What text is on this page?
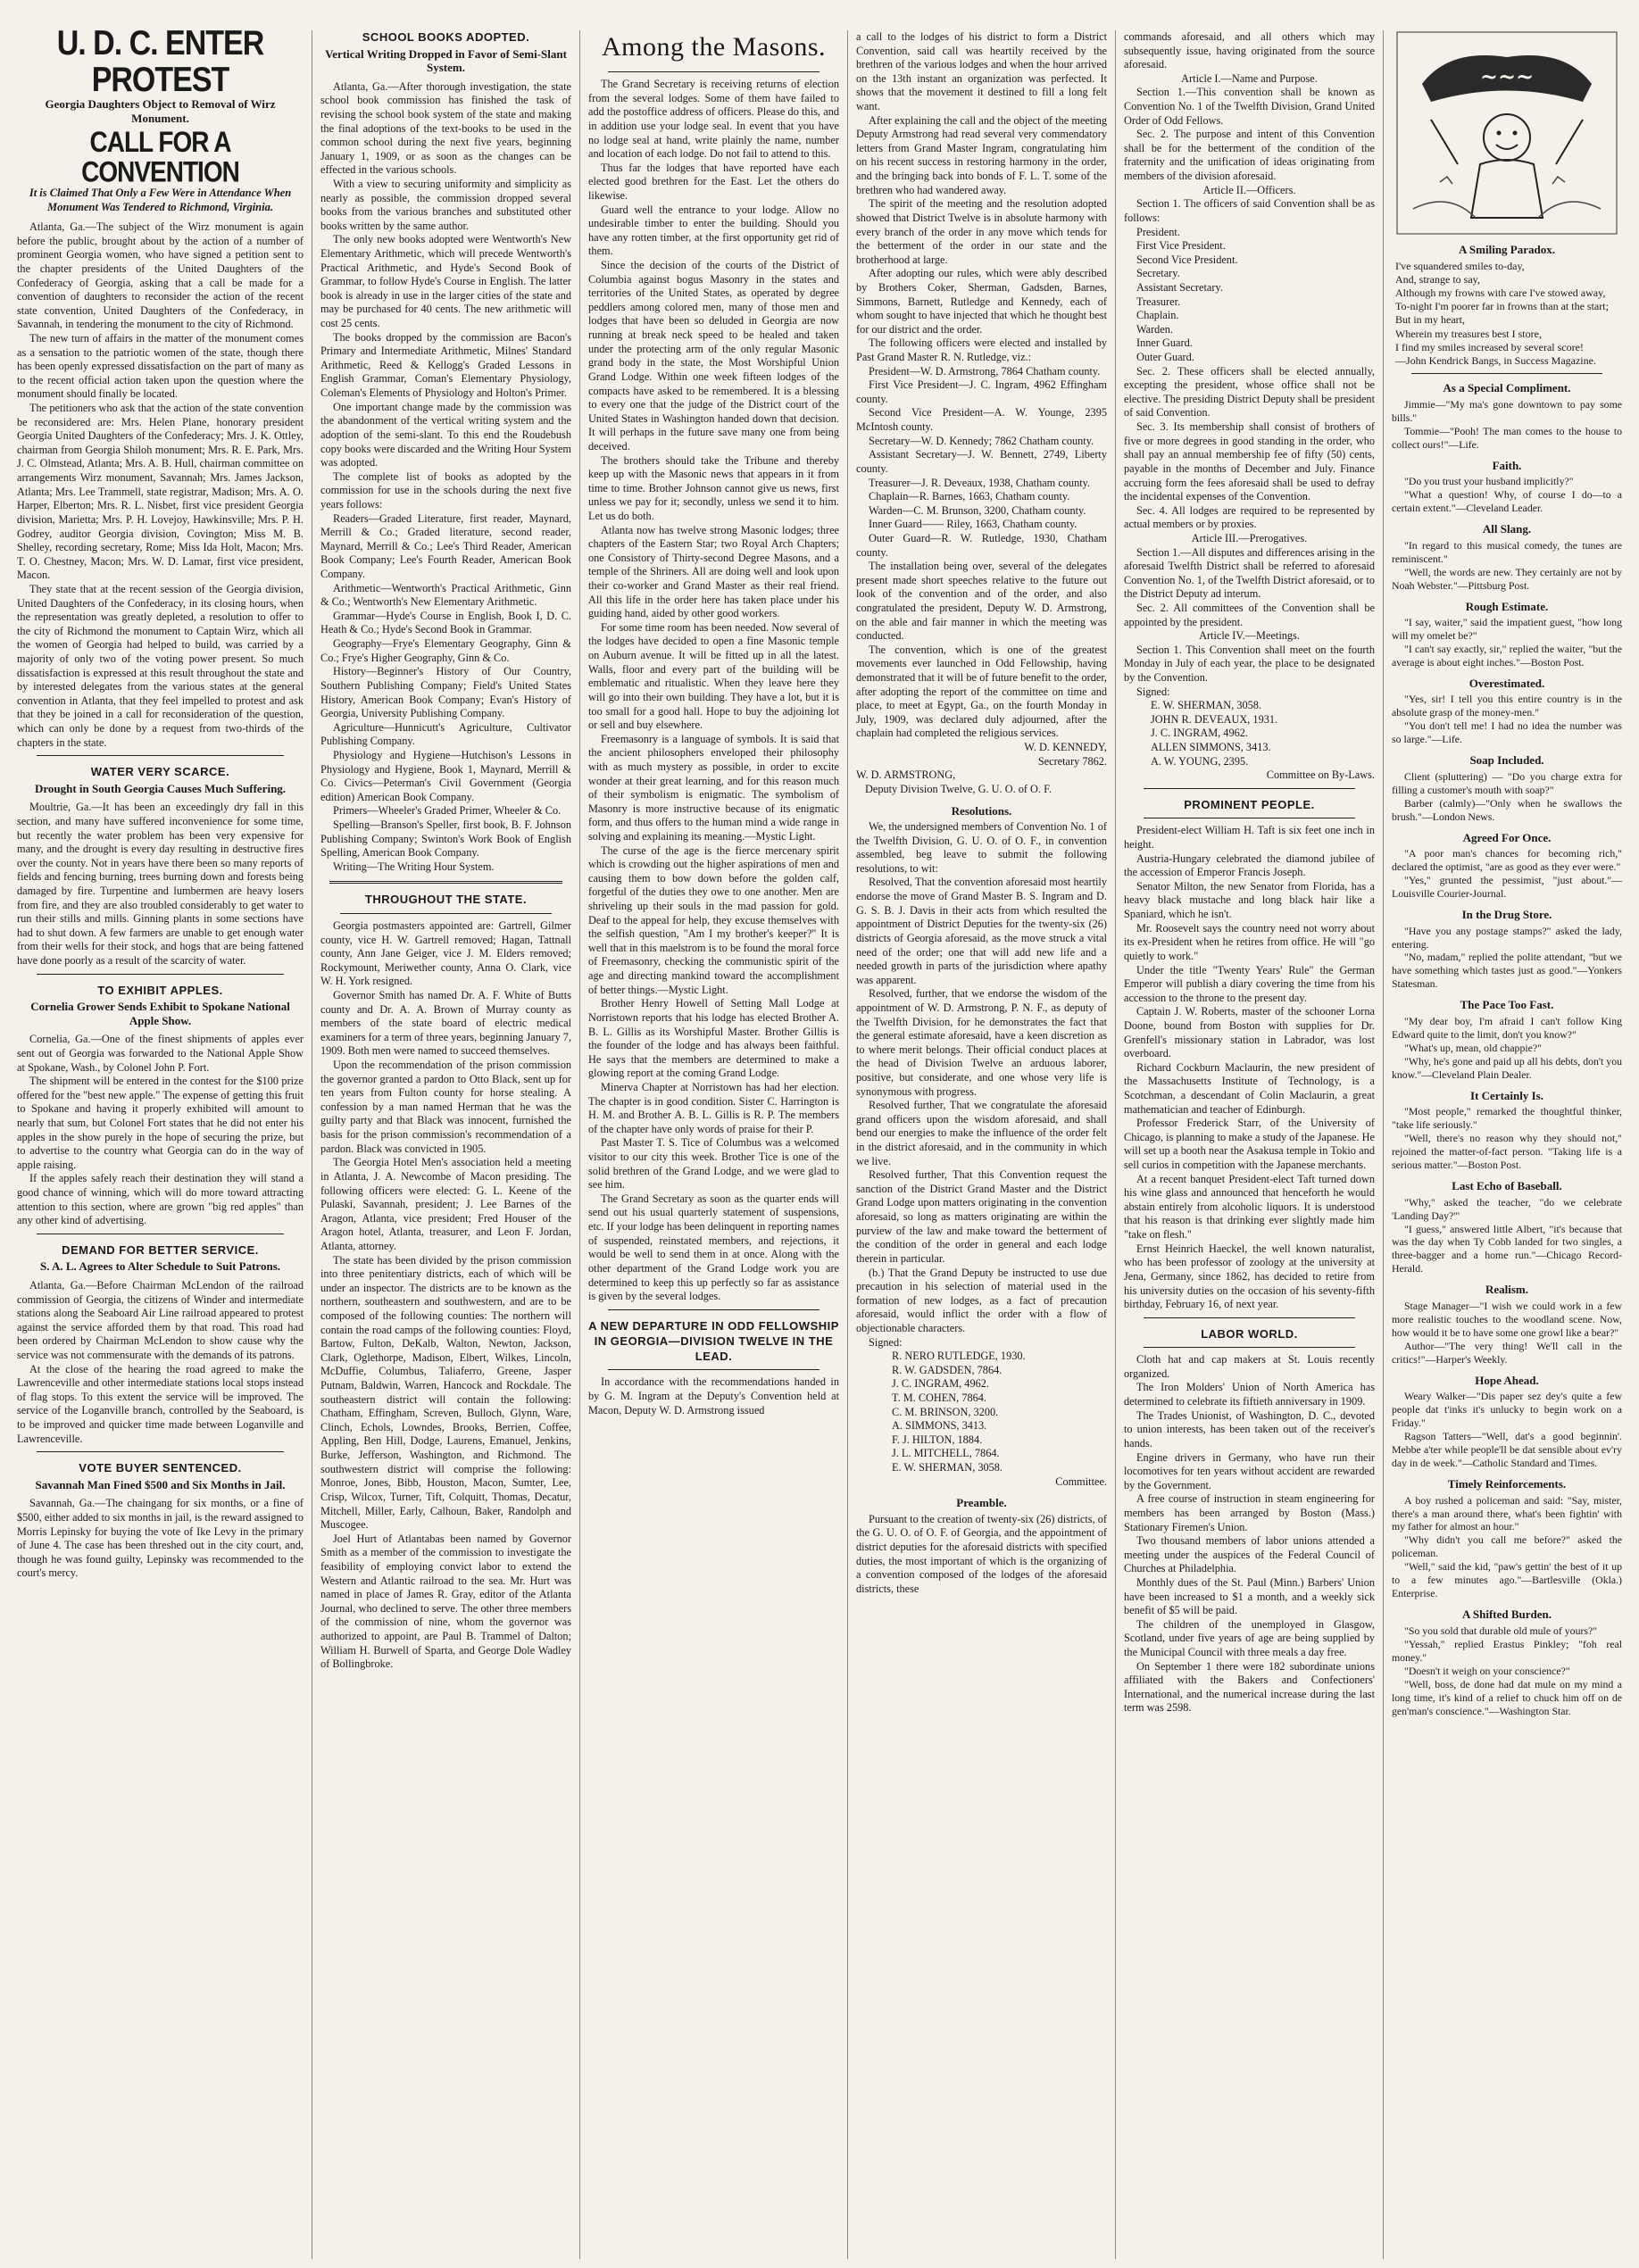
U. D. C. ENTER PROTEST
Georgia Daughters Object to Removal of Wirz Monument.
CALL FOR A CONVENTION
It is Claimed That Only a Few Were in Attendance When Monument Was Tendered to Richmond, Virginia.

Atlanta, Ga.—The subject of the Wirz monument is again before the public, brought about by the action of a number of prominent Georgia women, who have signed a petition sent to the chapter presidents of the United Daughters of the Confederacy of Georgia, asking that a call be made for a convention of daughters to reconsider the action of the recent state convention, United Daughters of the Confederacy, in Savannah, in tendering the monument to the city of Richmond.

The new turn of affairs in the matter of the monument comes as a sensation to the patriotic women of the state, though there has been openly expressed dissatisfaction on the part of many as to the recent official action taken upon the question where the monument should finally be located.

The petitioners who ask that the action of the state convention be reconsidered are: Mrs. Helen Plane, honorary president Georgia United Daughters of the Confederacy; Mrs. J. K. Ottley, chairman from Georgia Shiloh monument; Mrs. R. E. Park, Mrs. J. C. Olmstead, Atlanta; Mrs. A. B. Hull, chairman committee on arrangements Wirz monument, Savannah; Mrs. James Jackson, Atlanta; Mrs. Lee Trammell, state registrar, Madison; Mrs. A. O. Harper, Elberton; Mrs. R. L. Nisbet, first vice president Georgia division, Marietta; Mrs. P. H. Lovejoy, Hawkinsville; Mrs. P. H. Godrey, auditor Georgia division, Covington; Miss M. B. Shelley, recording secretary, Rome; Miss Ida Holt, Macon; Mrs. T. O. Chestney, Macon; Mrs. W. D. Lamar, first vice president, Macon.

They state that at the recent session of the Georgia division, United Daughters of the Confederacy, in its closing hours, when the representation was greatly depleted, a resolution to offer to the city of Richmond the monument to Captain Wirz, which all the women of Georgia had helped to build, was carried by a majority of only two of the voting power present. So much dissatisfaction is expressed at this result throughout the state and by interested delegates from the various states at the general convention in Atlanta, that they feel impelled to protest and ask that they be joined in a call for reconsideration of the question, which can only be done by a request from two-thirds of the chapters in the state.

WATER VERY SCARCE.
Drought in South Georgia Causes Much Suffering.

Moultrie, Ga.—It has been an exceedingly dry fall in this section, and many have suffered inconvenience for some time, but recently the water problem has been very expensive for many, and the drought is every day resulting in destructive fires over the county. Not in years have there been so many reports of fields and fencing burning, trees burning down and forests being damaged by fire. Turpentine and lumbermen are heavy losers from fire, and they are also troubled considerably to get water to run their stills and mills. Ginning plants in some sections have had to shut down. A few farmers are unable to get enough water from their wells for their stock, and hogs that are being fattened have done poorly as a result of the scarcity of water.

TO EXHIBIT APPLES.
Cornelia Grower Sends Exhibit to Spokane National Apple Show.

Cornelia, Ga.—One of the finest shipments of apples ever sent out of Georgia was forwarded to the National Apple Show at Spokane, Wash., by Colonel John P. Fort.

The shipment will be entered in the contest for the $100 prize offered for the "best new apple." The expense of getting this fruit to Spokane and having it properly exhibited will amount to nearly that sum, but Colonel Fort states that he did not enter his apples in the show purely in the hope of securing the prize, but to advertise to the country what Georgia can do in the way of apple raising.

If the apples safely reach their destination they will stand a good chance of winning, which will do more toward attracting attention to this section, where are grown "big red apples" than any other kind of advertising.

DEMAND FOR BETTER SERVICE.
S. A. L. Agrees to Alter Schedule to Suit Patrons.

Atlanta, Ga.—Before Chairman McLendon of the railroad commission of Georgia, the citizens of Winder and intermediate stations along the Seaboard Air Line railroad appeared to protest against the service afforded them by that road. This road had been ordered by Chairman McLendon to show cause why the service was not commensurate with the demands of its patrons.

At the close of the hearing the road agreed to make the Lawrenceville and other intermediate stations local stops instead of flag stops. To this extent the service will be improved. The service of the Loganville branch, controlled by the Seaboard, is to be improved and quicker time made between Loganville and Lawrenceville.

VOTE BUYER SENTENCED.
Savannah Man Fined $500 and Six Months in Jail.

Savannah, Ga.—The chaingang for six months, or a fine of $500, either added to six months in jail, is the reward assigned to Morris Lepinsky for buying the vote of Ike Levy in the primary of June 4. The case has been threshed out in the city court, and, though he was found guilty, Lepinsky was recommended to the court's mercy.

SCHOOL BOOKS ADOPTED.
Vertical Writing Dropped in Favor of Semi-Slant System.

Atlanta, Ga.—After thorough investigation, the state school book commission has finished the task of revising the school book system of the state and making the final adoptions of the text-books to be used in the common school during the next five years, beginning January 1, 1909, or as soon as the changes can be effected in the various schools.

With a view to securing uniformity and simplicity as nearly as possible, the commission dropped several books from the various branches and substituted other books written by the same author.

The only new books adopted were Wentworth's New Elementary Arithmetic, which will precede Wentworth's Practical Arithmetic, and Hyde's Second Book of Grammar, to follow Hyde's Course in English. The latter book is already in use in the larger cities of the state and may be purchased for 40 cents. The new arithmetic will cost 25 cents.

The books dropped by the commission are Bacon's Primary and Intermediate Arithmetic, Milnes' Standard Arithmetic, Reed & Kellogg's Graded Lessons in English Grammar, Coman's Elementary Physiology, Coleman's Elements of Physiology and Holton's Primer.

One important change made by the commission was the abandonment of the vertical writing system and the adoption of the semi-slant. To this end the Roudebush copy books were discarded and the Writing Hour System was adopted.

The complete list of books as adopted by the commission for use in the schools during the next five years follows:

Readers—Graded Literature, first reader, Maynard, Merrill & Co.; Graded literature, second reader, Maynard, Merrill & Co.; Lee's Third Reader, American Book Company; Lee's Fourth Reader, American Book Company.

Arithmetic—Wentworth's Practical Arithmetic, Ginn & Co.; Wentworth's New Elementary Arithmetic.

Grammar—Hyde's Course in English, Book I, D. C. Heath & Co.; Hyde's Second Book in Grammar.

Geography—Frye's Elementary Geography, Ginn & Co.; Frye's Higher Geography, Ginn & Co.

History—Beginner's History of Our Country, Southern Publishing Company; Field's United States History, American Book Company; Evan's History of Georgia, University Publishing Company.

Agriculture—Hunnicutt's Agriculture, Cultivator Publishing Company.

Physiology and Hygiene—Hutchison's Lessons in Physiology and Hygiene, Book 1, Maynard, Merrill & Co. Civics—Peterman's Civil Government (Georgia edition) American Book Company.

Primers—Wheeler's Graded Primer, Wheeler & Co.

Spelling—Branson's Speller, first book, B. F. Johnson Publishing Company; Swinton's Work Book of English Spelling, American Book Company.

Writing—The Writing Hour System.

THROUGHOUT THE STATE.

Georgia postmasters appointed are: Gartrell, Gilmer county, vice H. W. Gartrell removed; Hagan, Tattnall county, Ann Jane Geiger, vice J. M. Elders removed; Rockymount, Meriwether county, Anna O. Clark, vice W. H. York resigned.

Governor Smith has named Dr. A. F. White of Butts county and Dr. A. A. Brown of Murray county as members of the state board of electric medical examiners for a term of three years, beginning January 7, 1909. Both men were named to succeed themselves.

Upon the recommendation of the prison commission the governor granted a pardon to Otto Black, sent up for ten years from Fulton county for horse stealing. A confession by a man named Herman that he was the guilty party and that Black was innocent, furnished the basis for the prison commission's recommendation of a pardon. Black was convicted in 1905.

The Georgia Hotel Men's association held a meeting in Atlanta, J. A. Newcombe of Macon presiding. The following officers were elected: G. L. Keene of the Pulaski, Savannah, president; J. Lee Barnes of the Aragon, Atlanta, vice president; Fred Houser of the Aragon hotel, Atlanta, treasurer, and Leon F. Jordan, Atlanta, attorney.

The state has been divided by the prison commission into three penitentiary districts, each of which will be under an inspector. The districts are to be known as the northern, southeastern and southwestern, and are to be composed of the following counties: The northern will contain the road camps of the following counties: Floyd, Bartow, Fulton, DeKalb, Walton, Newton, Jackson, Clark, Oglethorpe, Madison, Elbert, Wilkes, Lincoln, McDuffie, Columbus, Taliaferro, Greene, Jasper Putnam, Baldwin, Warren, Hancock and Rockdale. The southeastern district will contain the following: Chatham, Effingham, Screven, Bulloch, Glynn, Ware, Clinch, Echols, Lowndes, Brooks, Berrien, Coffee, Appling, Ben Hill, Dodge, Laurens, Emanuel, Jenkins, Burke, Jefferson, Washington, and Richmond. The southwestern district will comprise the following: Monroe, Jones, Bibb, Houston, Macon, Sumter, Lee, Crisp, Wilcox, Turner, Tift, Colquitt, Thomas, Decatur, Mitchell, Miller, Early, Calhoun, Baker, Randolph and Muscogee.

Joel Hurt of Atlantabas been named by Governor Smith as a member of the commission to investigate the feasibility of employing convict labor to extend the Western and Atlantic railroad to the sea. Mr. Hurt was named in place of James R. Gray, editor of the Atlanta Journal, who declined to serve. The other three members of the commission of nine, whom the governor was authorized to appoint, are Paul B. Trammel of Dalton; William H. Burwell of Sparta, and George Dole Wadley of Bollingbroke.

Among the Masons.

The Grand Secretary is receiving returns of election from the several lodges. Some of them have failed to add the postoffice address of officers. Please do this, and in addition use your lodge seal. In event that you have no lodge seal at hand, write plainly the name, number and location of each lodge. Do not fail to attend to this.

Thus far the lodges that have reported have each elected good brethren for the East. Let the others do likewise.

Guard well the entrance to your lodge. Allow no undesirable timber to enter the building. Should you have any rotten timber, at the first opportunity get rid of them.

Since the decision of the courts of the District of Columbia against bogus Masonry in the states and territories of the United States, as operated by degree peddlers among colored men, many of those men and lodges that have been so deluded in Georgia are now running at break neck speed to be healed and taken under the protecting arm of the only regular Masonic grand body in the state, the Most Worshipful Union Grand Lodge. Within one week fifteen lodges of the compacts have asked to be remembered. It is a blessing to every one that the judge of the District court of the United States in Washington handed down that decision. It will perhaps in the future save many one from being deceived.

The brothers should take the Tribune and thereby keep up with the Masonic news that appears in it from time to time. Brother Johnson cannot give us news, first unless we pay for it; secondly, unless we send it to him. Let us do both.

Atlanta now has twelve strong Masonic lodges; three chapters of the Eastern Star; two Royal Arch Chapters; one Consistory of Thirty-second Degree Masons, and a temple of the Shriners. All are doing well and look upon their co-worker and Grand Master as their real friend. All this life in the order here has taken place under his guiding hand, aided by other good workers.

For some time room has been needed. Now several of the lodges have decided to open a fine Masonic temple on Auburn avenue. It will be fitted up in all the latest. Walls, floor and every part of the building will be emblematic and ritualistic. When they leave here they will go into their own building. They have a lot, but it is too small for a good hall. Hope to buy the adjoining lot or sell and buy elsewhere.

Freemasonry is a language of symbols. It is said that the ancient philosophers enveloped their philosophy with as much mystery as possible, in order to excite wonder at their great learning, and for this reason much of their symbolism is enigmatic. The symbolism of Masonry is more instructive because of its enigmatic form, and thus offers to the human mind a wide range in solving and explaining its meaning.—Mystic Light.

The curse of the age is the fierce mercenary spirit which is crowding out the higher aspirations of men and causing them to bow down before the golden calf, forgetful of the duties they owe to one another. Men are shriveling up their souls in the mad passion for gold. Deaf to the appeal for help, they excuse themselves with the selfish question, "Am I my brother's keeper?" It is well that in this maelstrom is to be found the moral force of Freemasonry, checking the communistic spirit of the age and directing mankind toward the accomplishment of better things.—Mystic Light.

Brother Henry Howell of Setting Mall Lodge at Norristown reports that his lodge has elected Brother A. B. L. Gillis as its Worshipful Master. Brother Gillis is the founder of the lodge and has always been faithful. He says that the members are determined to make a glowing report at the coming Grand Lodge.

Minerva Chapter at Norristown has had her election. The chapter is in good condition. Sister C. Harrington is H. M. and Brother A. B. L. Gillis is R. P. The members of the chapter have only words of praise for their P.

Past Master T. S. Tice of Columbus was a welcomed visitor to our city this week. Brother Tice is one of the solid brethren of the Grand Lodge, and we were glad to see him.

The Grand Secretary as soon as the quarter ends will send out his usual quarterly statement of suspensions, etc. If your lodge has been delinquent in reporting names of suspended, reinstated members, and rejections, it would be well to send them in at once. Along with the other department of the Grand Lodge work you are determined to keep this up perfectly so far as assistance is given by the several lodges.

A NEW DEPARTURE IN ODD FELLOWSHIP IN GEORGIA—DIVISION TWELVE IN THE LEAD.

In accordance with the recommendations handed in by G. M. Ingram at the Deputy's Convention held at Macon, Deputy W. D. Armstrong issued

a call to the lodges of his district to form a District Convention, said call was heartily received by the brethren of the various lodges and when the hour arrived on the 13th instant an organization was perfected. It shows that the movement it destined to fill a long felt want.

After explaining the call and the object of the meeting Deputy Armstrong had read several very commendatory letters from Grand Master Ingram, congratulating him on his recent success in restoring harmony in the order, and the bringing back into bonds of F. L. T. some of the brethren who had wandered away.

The spirit of the meeting and the resolution adopted showed that District Twelve is in absolute harmony with every branch of the order in any move which tends for the betterment of the order in our state and the brotherhood at large.

After adopting our rules, which were ably described by Brothers Coker, Sherman, Gadsden, Barnes, Simmons, Barnett, Rutledge and Kennedy, each of whom sought to have injected that which he thought best for our district and the order.

The following officers were elected and installed by Past Grand Master R. N. Rutledge, viz.:

President—W. D. Armstrong, 7864 Chatham county.

First Vice President—J. C. Ingram, 4962 Effingham county.

Second Vice President—A. W. Younge, 2395 McIntosh county.

Secretary—W. D. Kennedy; 7862 Chatham county.

Assistant Secretary—J. W. Bennett, 2749, Liberty county.

Treasurer—J. R. Deveaux, 1938, Chatham county.

Chaplain—R. Barnes, 1663, Chatham county.

Warden—C. M. Brunson, 3200, Chatham county.

Inner Guard—— Riley, 1663, Chatham county.

Outer Guard—R. W. Rutledge, 1930, Chatham county.

The installation being over, several of the delegates present made short speeches relative to the future out look of the convention and of the order, and also congratulated the president, Deputy W. D. Armstrong, on the able and fair manner in which the meeting was conducted.

The convention, which is one of the greatest movements ever launched in Odd Fellowship, having demonstrated that it will be of future benefit to the order, after adopting the report of the committee on time and place, to meet at Egypt, Ga., on the fourth Monday in July, 1909, was declared duly adjourned, after the chaplain had completed the religious services.

W. D. KENNEDY,

Secretary 7862.

W. D. ARMSTRONG,

Deputy Division Twelve, G. U. O. of O. F.

Resolutions.

We, the undersigned members of Convention No. 1 of the Twelfth Division, G. U. O. of O. F., in convention assembled, beg leave to submit the following resolutions, to wit:

Resolved, That the convention aforesaid most heartily endorse the move of Grand Master B. S. Ingram and D. G. S. B. J. Davis in their acts from which resulted the appointment of District Deputies for the twenty-six (26) districts of Georgia aforesaid, as the move struck a vital need of the order; one that will add new life and a needed growth in parts of the jurisdiction where apathy was apparent.

Resolved, further, that we endorse the wisdom of the appointment of W. D. Armstrong, P. N. F., as deputy of the Twelfth Division, for he demonstrates the fact that the general estimate aforesaid, have a keen discretion as to where merit belongs. Their official conduct places at the head of Division Twelve an arduous laborer, positive, but considerate, and one whose very life is synonymous with progress.

Resolved further, That we congratulate the aforesaid grand officers upon the wisdom aforesaid, and shall bend our energies to make the influence of the order felt in the district aforesaid, and in the community in which we live.

Resolved further, That this Convention request the sanction of the District Grand Master and the District Grand Lodge upon matters originating in the convention aforesaid, so long as matters originating are within the purview of the law and make toward the betterment of the condition of the order in general and each lodge therein in particular.

(b.) That the Grand Deputy be instructed to use due precaution in his selection of material used in the formation of new lodges, as a fact of precaution aforesaid, would inflict the order with a flow of objectionable characters.

Signed:

R. NERO RUTLEDGE, 1930.

R. W. GADSDEN, 7864.

J. C. INGRAM, 4962.

T. M. COHEN, 7864.

C. M. BRINSON, 3200.

A. SIMMONS, 3413.

F. J. HILTON, 1884.

J. L. MITCHELL, 7864.

E. W. SHERMAN, 3058.

Committee.

Preamble.

Pursuant to the creation of twenty-six (26) districts, of the G. U. O. of O. F. of Georgia, and the appointment of district deputies for the aforesaid districts with specified duties, the most important of which is the organizing of a convention composed of the lodges of the aforesaid districts, these

commands aforesaid, and all others which may subsequently issue, having originated from the source aforesaid.

Article I.—Name and Purpose.

Section 1.—This convention shall be known as Convention No. 1 of the Twelfth Division, Grand United Order of Odd Fellows.

Sec. 2. The purpose and intent of this Convention shall be for the betterment of the condition of the fraternity and the unification of ideas originating from members of the division aforesaid.

Article II.—Officers.

Section 1. The officers of said Convention shall be as follows:

President.

First Vice President.

Second Vice President.

Secretary.

Assistant Secretary.

Treasurer.

Chaplain.

Warden.

Inner Guard.

Outer Guard.

Sec. 2. These officers shall be elected annually, excepting the president, whose office shall not be elective. The presiding District Deputy shall be president of said Convention.

Sec. 3. Its membership shall consist of brothers of five or more degrees in good standing in the order, who shall pay an annual membership fee of fifty (50) cents, payable in the months of December and July. Finance accruing form the fees aforesaid shall be used to defray the incidental expenses of the Convention.

Sec. 4. All lodges are required to be represented by actual members or by proxies.

Article III.—Prerogatives.

Section 1.—All disputes and differences arising in the aforesaid Twelfth District shall be referred to aforesaid Convention No. 1, of the Twelfth District aforesaid, or to the District Deputy ad interum.

Sec. 2. All committees of the Convention shall be appointed by the president.

Article IV.—Meetings.

Section 1. This Convention shall meet on the fourth Monday in July of each year, the place to be designated by the Convention.

Signed:

E. W. SHERMAN, 3058.

JOHN R. DEVEAUX, 1931.

J. C. INGRAM, 4962.

ALLEN SIMMONS, 3413.

A. W. YOUNG, 2395.

Committee on By-Laws.

PROMINENT PEOPLE.

President-elect William H. Taft is six feet one inch in height.

Austria-Hungary celebrated the diamond jubilee of the accession of Emperor Francis Joseph.

Senator Milton, the new Senator from Florida, has a heavy black mustache and long black hair like a Spaniard, which he isn't.

Mr. Roosevelt says the country need not worry about its ex-President when he retires from office. He will "go quietly to work."

Under the title "Twenty Years' Rule" the German Emperor will publish a diary covering the time from his accession to the throne to the present day.

Captain J. W. Roberts, master of the schooner Lorna Doone, bound from Boston with supplies for Dr. Grenfell's missionary station in Labrador, was lost overboard.

Richard Cockburn Maclaurin, the new president of the Massachusetts Institute of Technology, is a Scotchman, a descendant of Colin Maclaurin, a great mathematician and teacher of Edinburgh.

Professor Frederick Starr, of the University of Chicago, is planning to make a study of the Japanese. He will set up a booth near the Asakusa temple in Tokio and sell curios in competition with the Japanese merchants.

At a recent banquet President-elect Taft turned down his wine glass and announced that henceforth he would abstain entirely from alcoholic liquors. It is understood that his reason is that drinking ever slightly made him "take on flesh."

Ernst Heinrich Haeckel, the well known naturalist, who has been professor of zoology at the university at Jena, Germany, since 1862, has decided to retire from his university duties on the occasion of his seventy-fifth birthday, February 16, of next year.

LABOR WORLD.

Cloth hat and cap makers at St. Louis recently organized.

The Iron Molders' Union of North America has determined to celebrate its fiftieth anniversary in 1909.

The Trades Unionist, of Washington, D. C., devoted to union interests, has been taken out of the receiver's hands.

Engine drivers in Germany, who have run their locomotives for ten years without accident are rewarded by the Government.

A free course of instruction in steam engineering for members has been arranged by Boston (Mass.) Stationary Firemen's Union.

Two thousand members of labor unions attended a meeting under the auspices of the Federal Council of Churches at Philadelphia.

Monthly dues of the St. Paul (Minn.) Barbers' Union have been increased to $1 a month, and a weekly sick benefit of $5 will be paid.

The children of the unemployed in Glasgow, Scotland, under five years of age are being supplied by the Municipal Council with three meals a day free.

On September 1 there were 182 subordinate unions affiliated with the Bakers and Confectioners' International, and the numerical increase during the last term was 2598.

~~~
A Smiling Paradox.

I've squandered smiles to-day,

And, strange to say,

Although my frowns with care I've stowed away,

To-night I'm poorer far in frowns than at the start;

But in my heart,

Wherein my treasures best I store,

I find my smiles increased by several score!

—John Kendrick Bangs, in Success Magazine.

As a Special Compliment.

Jimmie—"My ma's gone downtown to pay some bills."

Tommie—"Pooh! The man comes to the house to collect ours!"—Life.

Faith.

"Do you trust your husband implicitly?"

"What a question! Why, of course I do—to a certain extent."—Cleveland Leader.

All Slang.

"In regard to this musical comedy, the tunes are reminiscent."

"Well, the words are new. They certainly are not by Noah Webster."—Pittsburg Post.

Rough Estimate.

"I say, waiter," said the impatient guest, "how long will my omelet be?"

"I can't say exactly, sir," replied the waiter, "but the average is about eight inches."—Boston Post.

Overestimated.

"Yes, sir! I tell you this entire country is in the absolute grasp of the money-men."

"You don't tell me! I had no idea the number was so large."—Life.

Soap Included.

Client (spluttering) — "Do you charge extra for filling a customer's mouth with soap?"

Barber (calmly)—"Only when he swallows the brush."—London News.

Agreed For Once.

"A poor man's chances for becoming rich," declared the optimist, "are as good as they ever were."

"Yes," grunted the pessimist, "just about."—Louisville Courier-Journal.

In the Drug Store.

"Have you any postage stamps?" asked the lady, entering.

"No, madam," replied the polite attendant, "but we have something which tastes just as good."—Yonkers Statesman.

The Pace Too Fast.

"My dear boy, I'm afraid I can't follow King Edward quite to the limit, don't you know?"

"What's up, mean, old chappie?"

"Why, he's gone and paid up all his debts, don't you know."—Cleveland Plain Dealer.

It Certainly Is.

"Most people," remarked the thoughtful thinker, "take life seriously."

"Well, there's no reason why they should not," rejoined the matter-of-fact person. "Taking life is a serious matter."—Boston Post.

Last Echo of Baseball.

"Why," asked the teacher, "do we celebrate 'Landing Day?'"

"I guess," answered little Albert, "it's because that was the day when Ty Cobb landed for two singles, a three-bagger and a home run."—Chicago Record-Herald.

Realism.

Stage Manager—"I wish we could work in a few more realistic touches to the woodland scene. Now, how would it be to have some one growl like a bear?"

Author—"The very thing! We'll call in the critics!"—Harper's Weekly.

Hope Ahead.

Weary Walker—"Dis paper sez dey's quite a few people dat t'inks it's unlucky to begin work on a Friday."

Ragson Tatters—"Well, dat's a good beginnin'. Mebbe a'ter while people'll be dat sensible about ev'ry day in de week."—Catholic Standard and Times.

Timely Reinforcements.

A boy rushed a policeman and said: "Say, mister, there's a man around there, what's been fightin' with my father for almost an hour."

"Why didn't you call me before?" asked the policeman.

"Well," said the kid, "paw's gettin' the best of it up to a few minutes ago."—Bartlesville (Okla.) Enterprise.

A Shifted Burden.

"So you sold that durable old mule of yours?"

"Yessah," replied Erastus Pinkley; "foh real money."

"Doesn't it weigh on your conscience?"

"Well, boss, de done had dat mule on my mind a long time, it's kind of a relief to chuck him off on de gen'man's conscience."—Washington Star.
